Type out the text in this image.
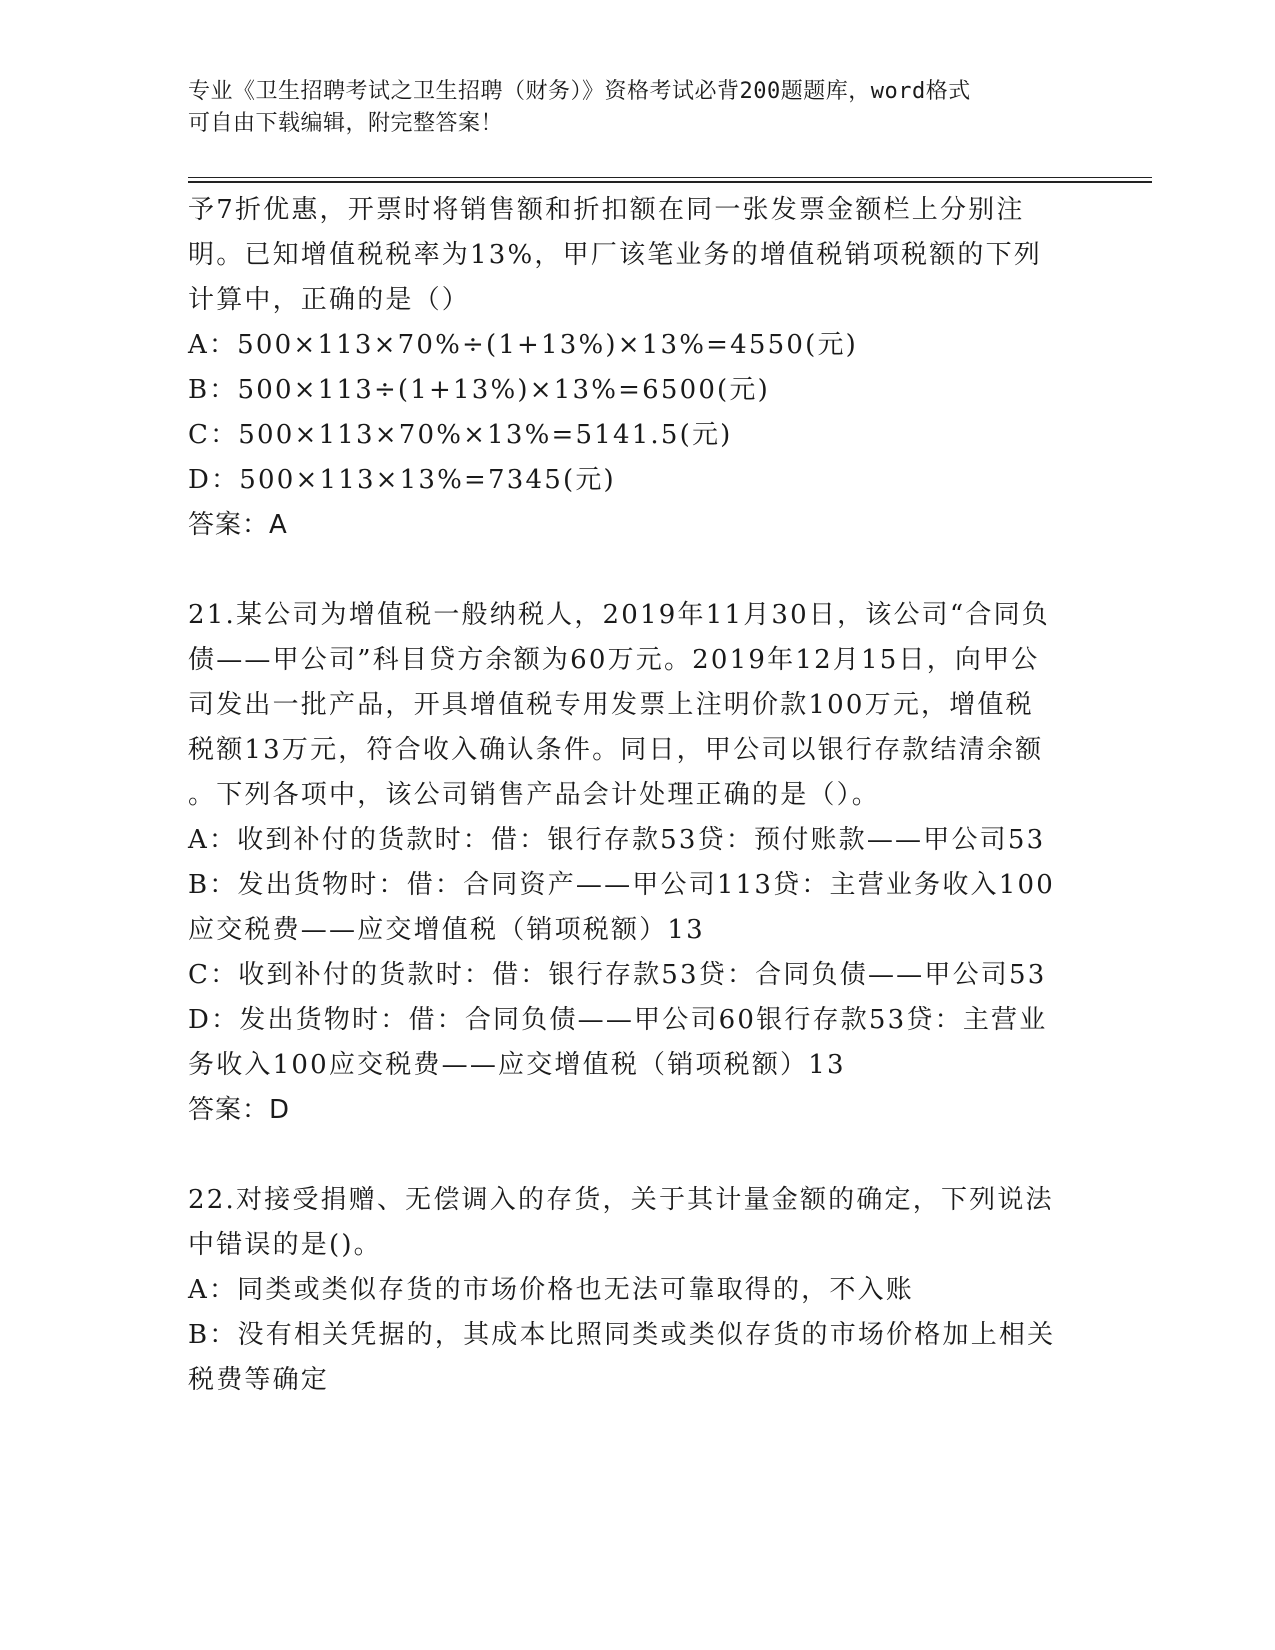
专业《卫生招聘考试之卫生招聘（财务）》资格考试必背200题题库，word格式
可自由下载编辑，附完整答案！
予7折优惠，开票时将销售额和折扣额在同一张发票金额栏上分别注
明。已知增值税税率为13%，甲厂该笔业务的增值税销项税额的下列
计算中，正确的是（）
A：500×113×70%÷(1+13%)×13%=4550(元)
B：500×113÷(1+13%)×13%=6500(元)
C：500×113×70%×13%=5141.5(元)
D：500×113×13%=7345(元)
答案：A
21.某公司为增值税一般纳税人，2019年11月30日，该公司“合同负
债——甲公司”科目贷方余额为60万元。2019年12月15日，向甲公
司发出一批产品，开具增值税专用发票上注明价款100万元，增值税
税额13万元，符合收入确认条件。同日，甲公司以银行存款结清余额
。下列各项中，该公司销售产品会计处理正确的是（）。
A：收到补付的货款时：借：银行存款53贷：预付账款——甲公司53
B：发出货物时：借：合同资产——甲公司113贷：主营业务收入100
应交税费——应交增值税（销项税额）13
C：收到补付的货款时：借：银行存款53贷：合同负债——甲公司53
D：发出货物时：借：合同负债——甲公司60银行存款53贷：主营业
务收入100应交税费——应交增值税（销项税额）13
答案：D
22.对接受捐赠、无偿调入的存货，关于其计量金额的确定，下列说法
中错误的是()。
A：同类或类似存货的市场价格也无法可靠取得的，不入账
B：没有相关凭据的，其成本比照同类或类似存货的市场价格加上相关
税费等确定
